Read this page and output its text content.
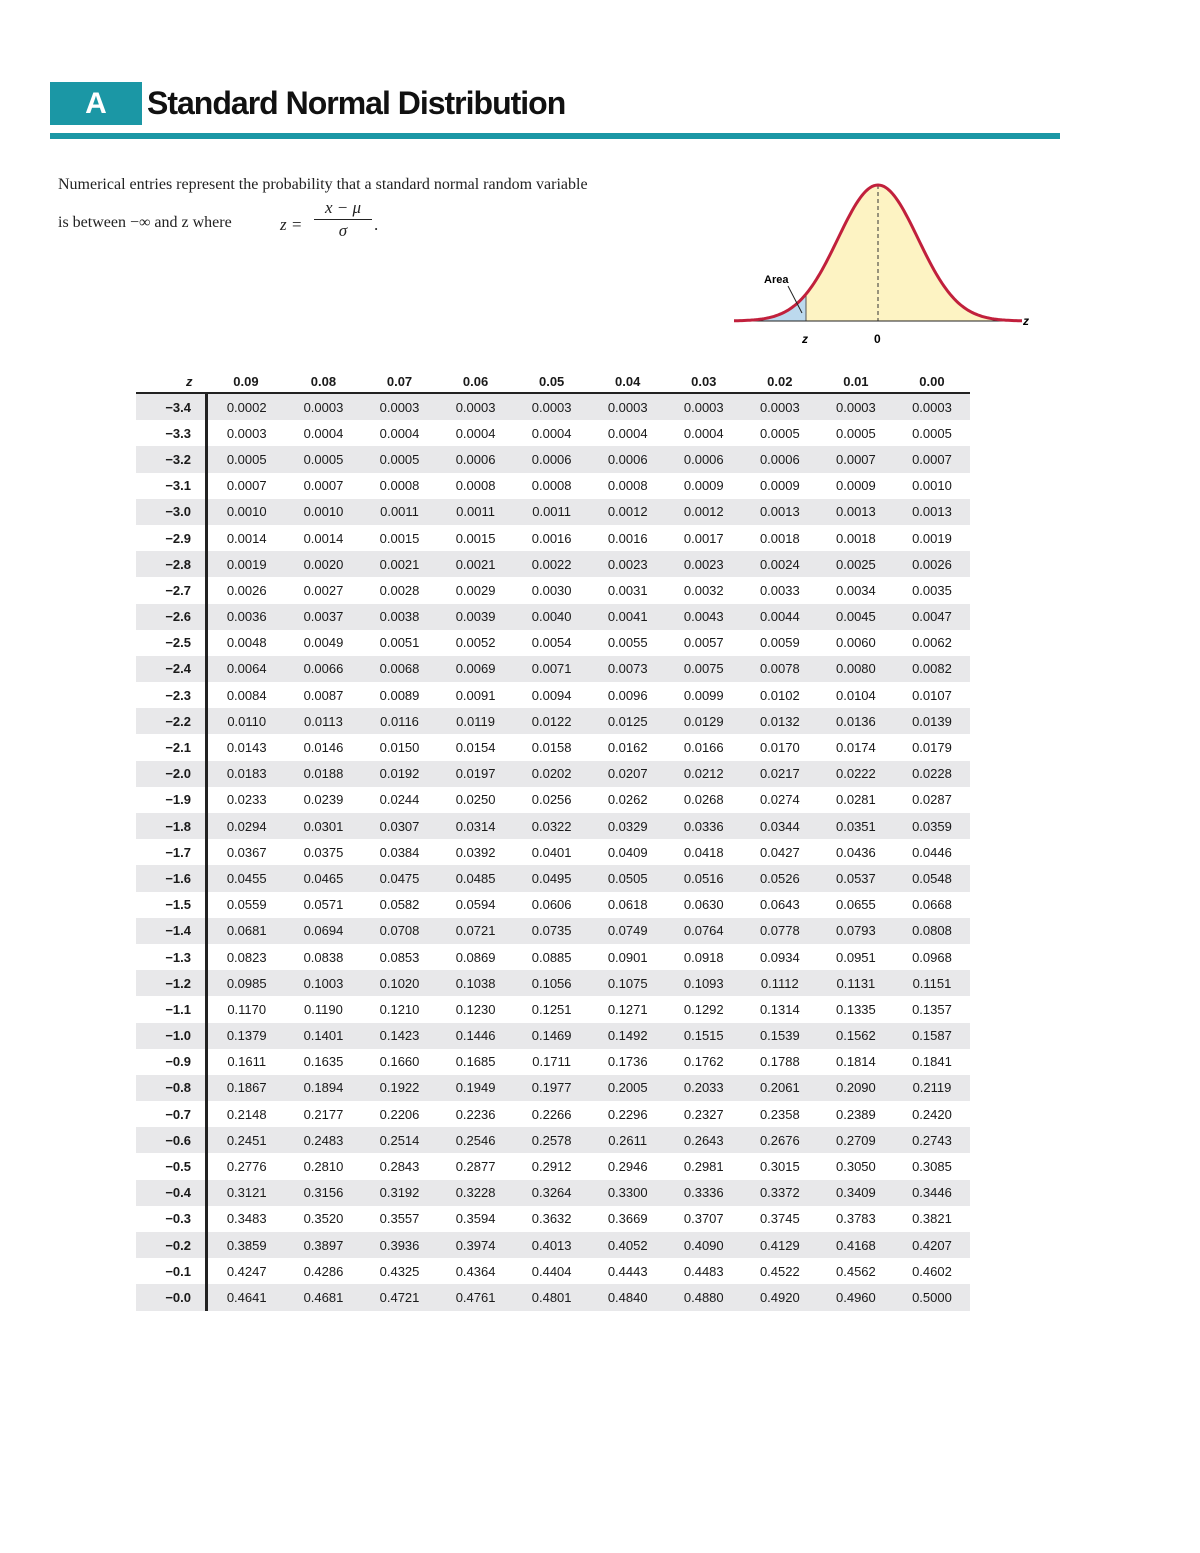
A	Standard Normal Distribution
Numerical entries represent the probability that a standard normal random variable
is between −∞ and z where	z =
x − μ
σ	.
Area
z	0
z
z	0.09	0.08	0.07	0.06	0.05	0.04	0.03	0.02	0.01	0.00
−3.4	0.0002	0.0003	0.0003	0.0003	0.0003	0.0003	0.0003	0.0003	0.0003	0.0003
−3.3	0.0003	0.0004	0.0004	0.0004	0.0004	0.0004	0.0004	0.0005	0.0005	0.0005
−3.2	0.0005	0.0005	0.0005	0.0006	0.0006	0.0006	0.0006	0.0006	0.0007	0.0007
−3.1	0.0007	0.0007	0.0008	0.0008	0.0008	0.0008	0.0009	0.0009	0.0009	0.0010
−3.0	0.0010	0.0010	0.0011	0.0011	0.0011	0.0012	0.0012	0.0013	0.0013	0.0013
−2.9	0.0014	0.0014	0.0015	0.0015	0.0016	0.0016	0.0017	0.0018	0.0018	0.0019
−2.8	0.0019	0.0020	0.0021	0.0021	0.0022	0.0023	0.0023	0.0024	0.0025	0.0026
−2.7	0.0026	0.0027	0.0028	0.0029	0.0030	0.0031	0.0032	0.0033	0.0034	0.0035
−2.6	0.0036	0.0037	0.0038	0.0039	0.0040	0.0041	0.0043	0.0044	0.0045	0.0047
−2.5	0.0048	0.0049	0.0051	0.0052	0.0054	0.0055	0.0057	0.0059	0.0060	0.0062
−2.4	0.0064	0.0066	0.0068	0.0069	0.0071	0.0073	0.0075	0.0078	0.0080	0.0082
−2.3	0.0084	0.0087	0.0089	0.0091	0.0094	0.0096	0.0099	0.0102	0.0104	0.0107
−2.2	0.0110	0.0113	0.0116	0.0119	0.0122	0.0125	0.0129	0.0132	0.0136	0.0139
−2.1	0.0143	0.0146	0.0150	0.0154	0.0158	0.0162	0.0166	0.0170	0.0174	0.0179
−2.0	0.0183	0.0188	0.0192	0.0197	0.0202	0.0207	0.0212	0.0217	0.0222	0.0228
−1.9	0.0233	0.0239	0.0244	0.0250	0.0256	0.0262	0.0268	0.0274	0.0281	0.0287
−1.8	0.0294	0.0301	0.0307	0.0314	0.0322	0.0329	0.0336	0.0344	0.0351	0.0359
−1.7	0.0367	0.0375	0.0384	0.0392	0.0401	0.0409	0.0418	0.0427	0.0436	0.0446
−1.6	0.0455	0.0465	0.0475	0.0485	0.0495	0.0505	0.0516	0.0526	0.0537	0.0548
−1.5	0.0559	0.0571	0.0582	0.0594	0.0606	0.0618	0.0630	0.0643	0.0655	0.0668
−1.4	0.0681	0.0694	0.0708	0.0721	0.0735	0.0749	0.0764	0.0778	0.0793	0.0808
−1.3	0.0823	0.0838	0.0853	0.0869	0.0885	0.0901	0.0918	0.0934	0.0951	0.0968
−1.2	0.0985	0.1003	0.1020	0.1038	0.1056	0.1075	0.1093	0.1112	0.1131	0.1151
−1.1	0.1170	0.1190	0.1210	0.1230	0.1251	0.1271	0.1292	0.1314	0.1335	0.1357
−1.0	0.1379	0.1401	0.1423	0.1446	0.1469	0.1492	0.1515	0.1539	0.1562	0.1587
−0.9	0.1611	0.1635	0.1660	0.1685	0.1711	0.1736	0.1762	0.1788	0.1814	0.1841
−0.8	0.1867	0.1894	0.1922	0.1949	0.1977	0.2005	0.2033	0.2061	0.2090	0.2119
−0.7	0.2148	0.2177	0.2206	0.2236	0.2266	0.2296	0.2327	0.2358	0.2389	0.2420
−0.6	0.2451	0.2483	0.2514	0.2546	0.2578	0.2611	0.2643	0.2676	0.2709	0.2743
−0.5	0.2776	0.2810	0.2843	0.2877	0.2912	0.2946	0.2981	0.3015	0.3050	0.3085
−0.4	0.3121	0.3156	0.3192	0.3228	0.3264	0.3300	0.3336	0.3372	0.3409	0.3446
−0.3	0.3483	0.3520	0.3557	0.3594	0.3632	0.3669	0.3707	0.3745	0.3783	0.3821
−0.2	0.3859	0.3897	0.3936	0.3974	0.4013	0.4052	0.4090	0.4129	0.4168	0.4207
−0.1	0.4247	0.4286	0.4325	0.4364	0.4404	0.4443	0.4483	0.4522	0.4562	0.4602
−0.0	0.4641	0.4681	0.4721	0.4761	0.4801	0.4840	0.4880	0.4920	0.4960	0.5000
